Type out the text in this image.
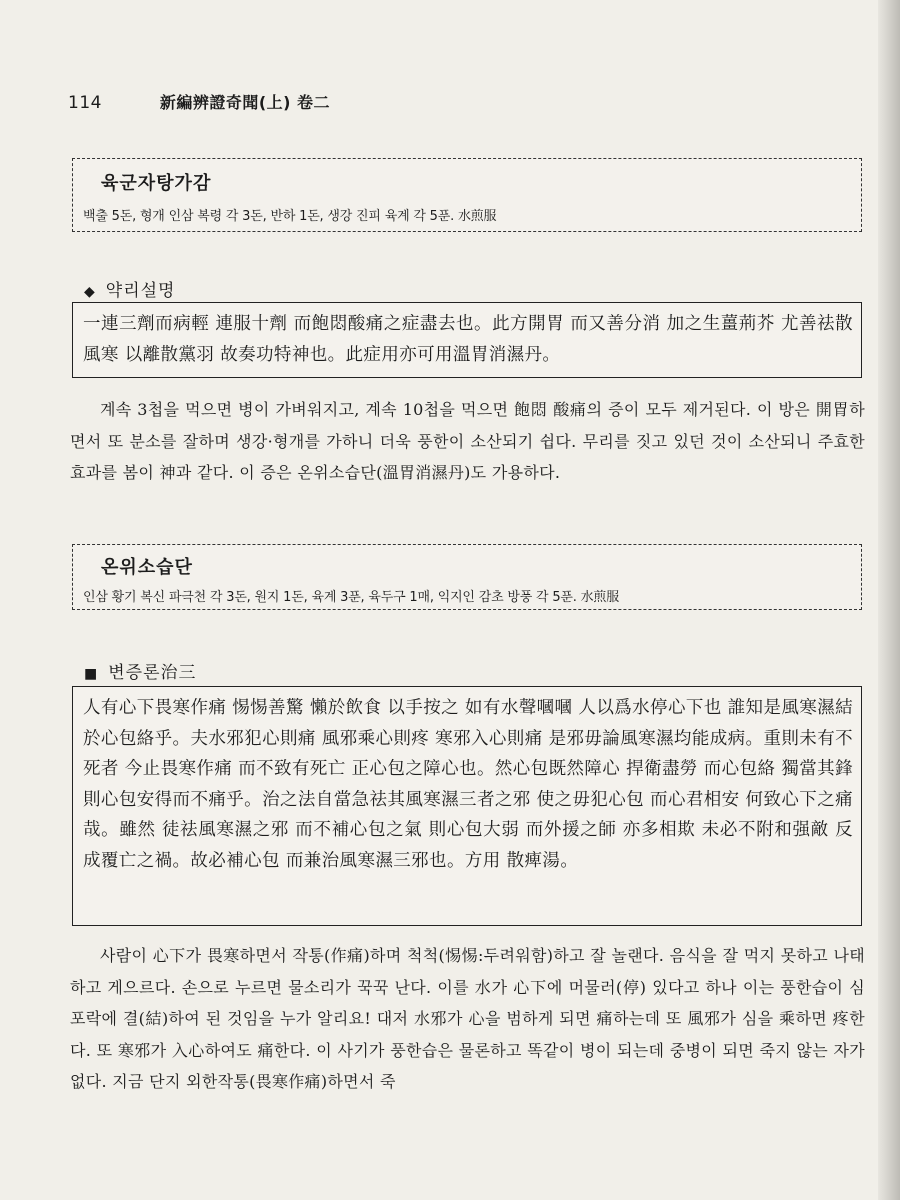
114	新編辨證奇聞(上) 卷二
육군자탕가감
백출 5돈, 형개 인삼 복령 각 3돈, 반하 1돈, 생강 진피 육계 각 5푼. 水煎服
◆ 약리설명
一連三劑而病輕 連服十劑 而飽悶酸痛之症盡去也。此方開胃 而又善分消 加之生薑荊芥 尤善祛散風寒 以離散黨羽 故奏功特神也。此症用亦可用溫胃消濕丹。

계속 3첩을 먹으면 병이 가벼워지고, 계속 10첩을 먹으면 飽悶 酸痛의 증이 모두 제거된다. 이 방은 開胃하면서 또 분소를 잘하며 생강·형개를 가하니 더욱 풍한이 소산되기 쉽다. 무리를 짓고 있던 것이 소산되니 주효한 효과를 봄이 神과 같다. 이 증은 온위소습단(溫胃消濕丹)도 가용하다.

온위소습단
인삼 황기 복신 파극천 각 3돈, 원지 1돈, 육계 3푼, 육두구 1매, 익지인 감초 방풍 각 5푼. 水煎服
■ 변증론治三
人有心下畏寒作痛 惕惕善驚 懶於飲食 以手按之 如有水聲嘓嘓 人以爲水停心下也 誰知是風寒濕結於心包絡乎。夫水邪犯心則痛 風邪乘心則疼 寒邪入心則痛 是邪毋論風寒濕均能成病。重則未有不死者 今止畏寒作痛 而不致有死亡 正心包之障心也。然心包既然障心 捍衛盡勞 而心包絡 獨當其鋒 則心包安得而不痛乎。治之法自當急祛其風寒濕三者之邪 使之毋犯心包 而心君相安 何致心下之痛哉。雖然 徒祛風寒濕之邪 而不補心包之氣 則心包大弱 而外援之師 亦多相欺 未必不附和强敵 反成覆亡之禍。故必補心包 而兼治風寒濕三邪也。方用 散痺湯。

사람이 心下가 畏寒하면서 작통(作痛)하며 척척(惕惕:두려워함)하고 잘 놀랜다. 음식을 잘 먹지 못하고 나태하고 게으르다. 손으로 누르면 물소리가 꾹꾹 난다. 이를 水가 心下에 머물러(停) 있다고 하나 이는 풍한습이 심포락에 결(結)하여 된 것임을 누가 알리요! 대저 水邪가 心을 범하게 되면 痛하는데 또 風邪가 심을 乘하면 疼한다. 또 寒邪가 入心하여도 痛한다. 이 사기가 풍한습은 물론하고 똑같이 병이 되는데 중병이 되면 죽지 않는 자가 없다. 지금 단지 외한작통(畏寒作痛)하면서 죽
